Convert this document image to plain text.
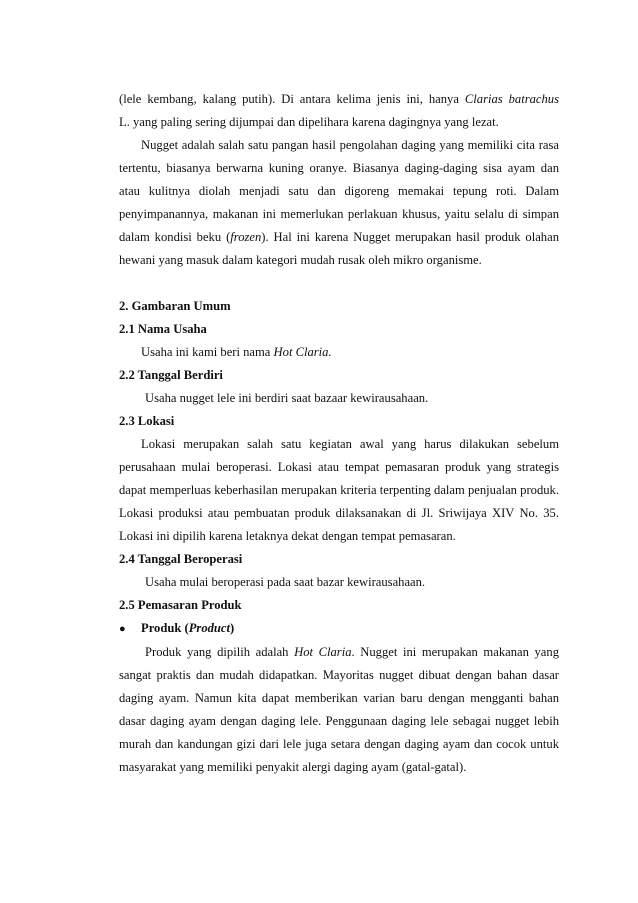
(lele kembang, kalang putih). Di antara kelima jenis ini, hanya Clarias batrachus

L. yang paling sering dijumpai dan dipelihara karena dagingnya yang lezat.

Nugget adalah salah satu pangan hasil pengolahan daging yang memiliki cita rasa tertentu, biasanya berwarna kuning oranye. Biasanya daging-daging sisa ayam dan atau kulitnya diolah menjadi satu dan digoreng memakai tepung roti. Dalam penyimpanannya, makanan ini memerlukan perlakuan khusus, yaitu selalu di simpan dalam kondisi beku (frozen). Hal ini karena Nugget merupakan hasil produk olahan hewani yang masuk dalam kategori mudah rusak oleh mikro organisme.

2. Gambaran Umum

2.1 Nama Usaha

Usaha ini kami beri nama Hot Claria.

2.2 Tanggal Berdiri

Usaha nugget lele ini berdiri saat bazaar kewirausahaan.

2.3 Lokasi

Lokasi merupakan salah satu kegiatan awal yang harus dilakukan sebelum perusahaan mulai beroperasi. Lokasi atau tempat pemasaran produk yang strategis dapat memperluas keberhasilan merupakan kriteria terpenting dalam penjualan produk. Lokasi produksi atau pembuatan produk dilaksanakan di Jl. Sriwijaya XIV No. 35. Lokasi ini dipilih karena letaknya dekat dengan tempat pemasaran.

2.4 Tanggal Beroperasi

Usaha mulai beroperasi pada saat bazar kewirausahaan.

2.5 Pemasaran Produk

●	Produk (Product)

Produk yang dipilih adalah Hot Claria. Nugget ini merupakan makanan yang sangat praktis dan mudah didapatkan. Mayoritas nugget dibuat dengan bahan dasar daging ayam. Namun kita dapat memberikan varian baru dengan mengganti bahan dasar daging ayam dengan daging lele. Penggunaan daging lele sebagai nugget lebih murah dan kandungan gizi dari lele juga setara dengan daging ayam dan cocok untuk masyarakat yang memiliki penyakit alergi daging ayam (gatal-gatal).
